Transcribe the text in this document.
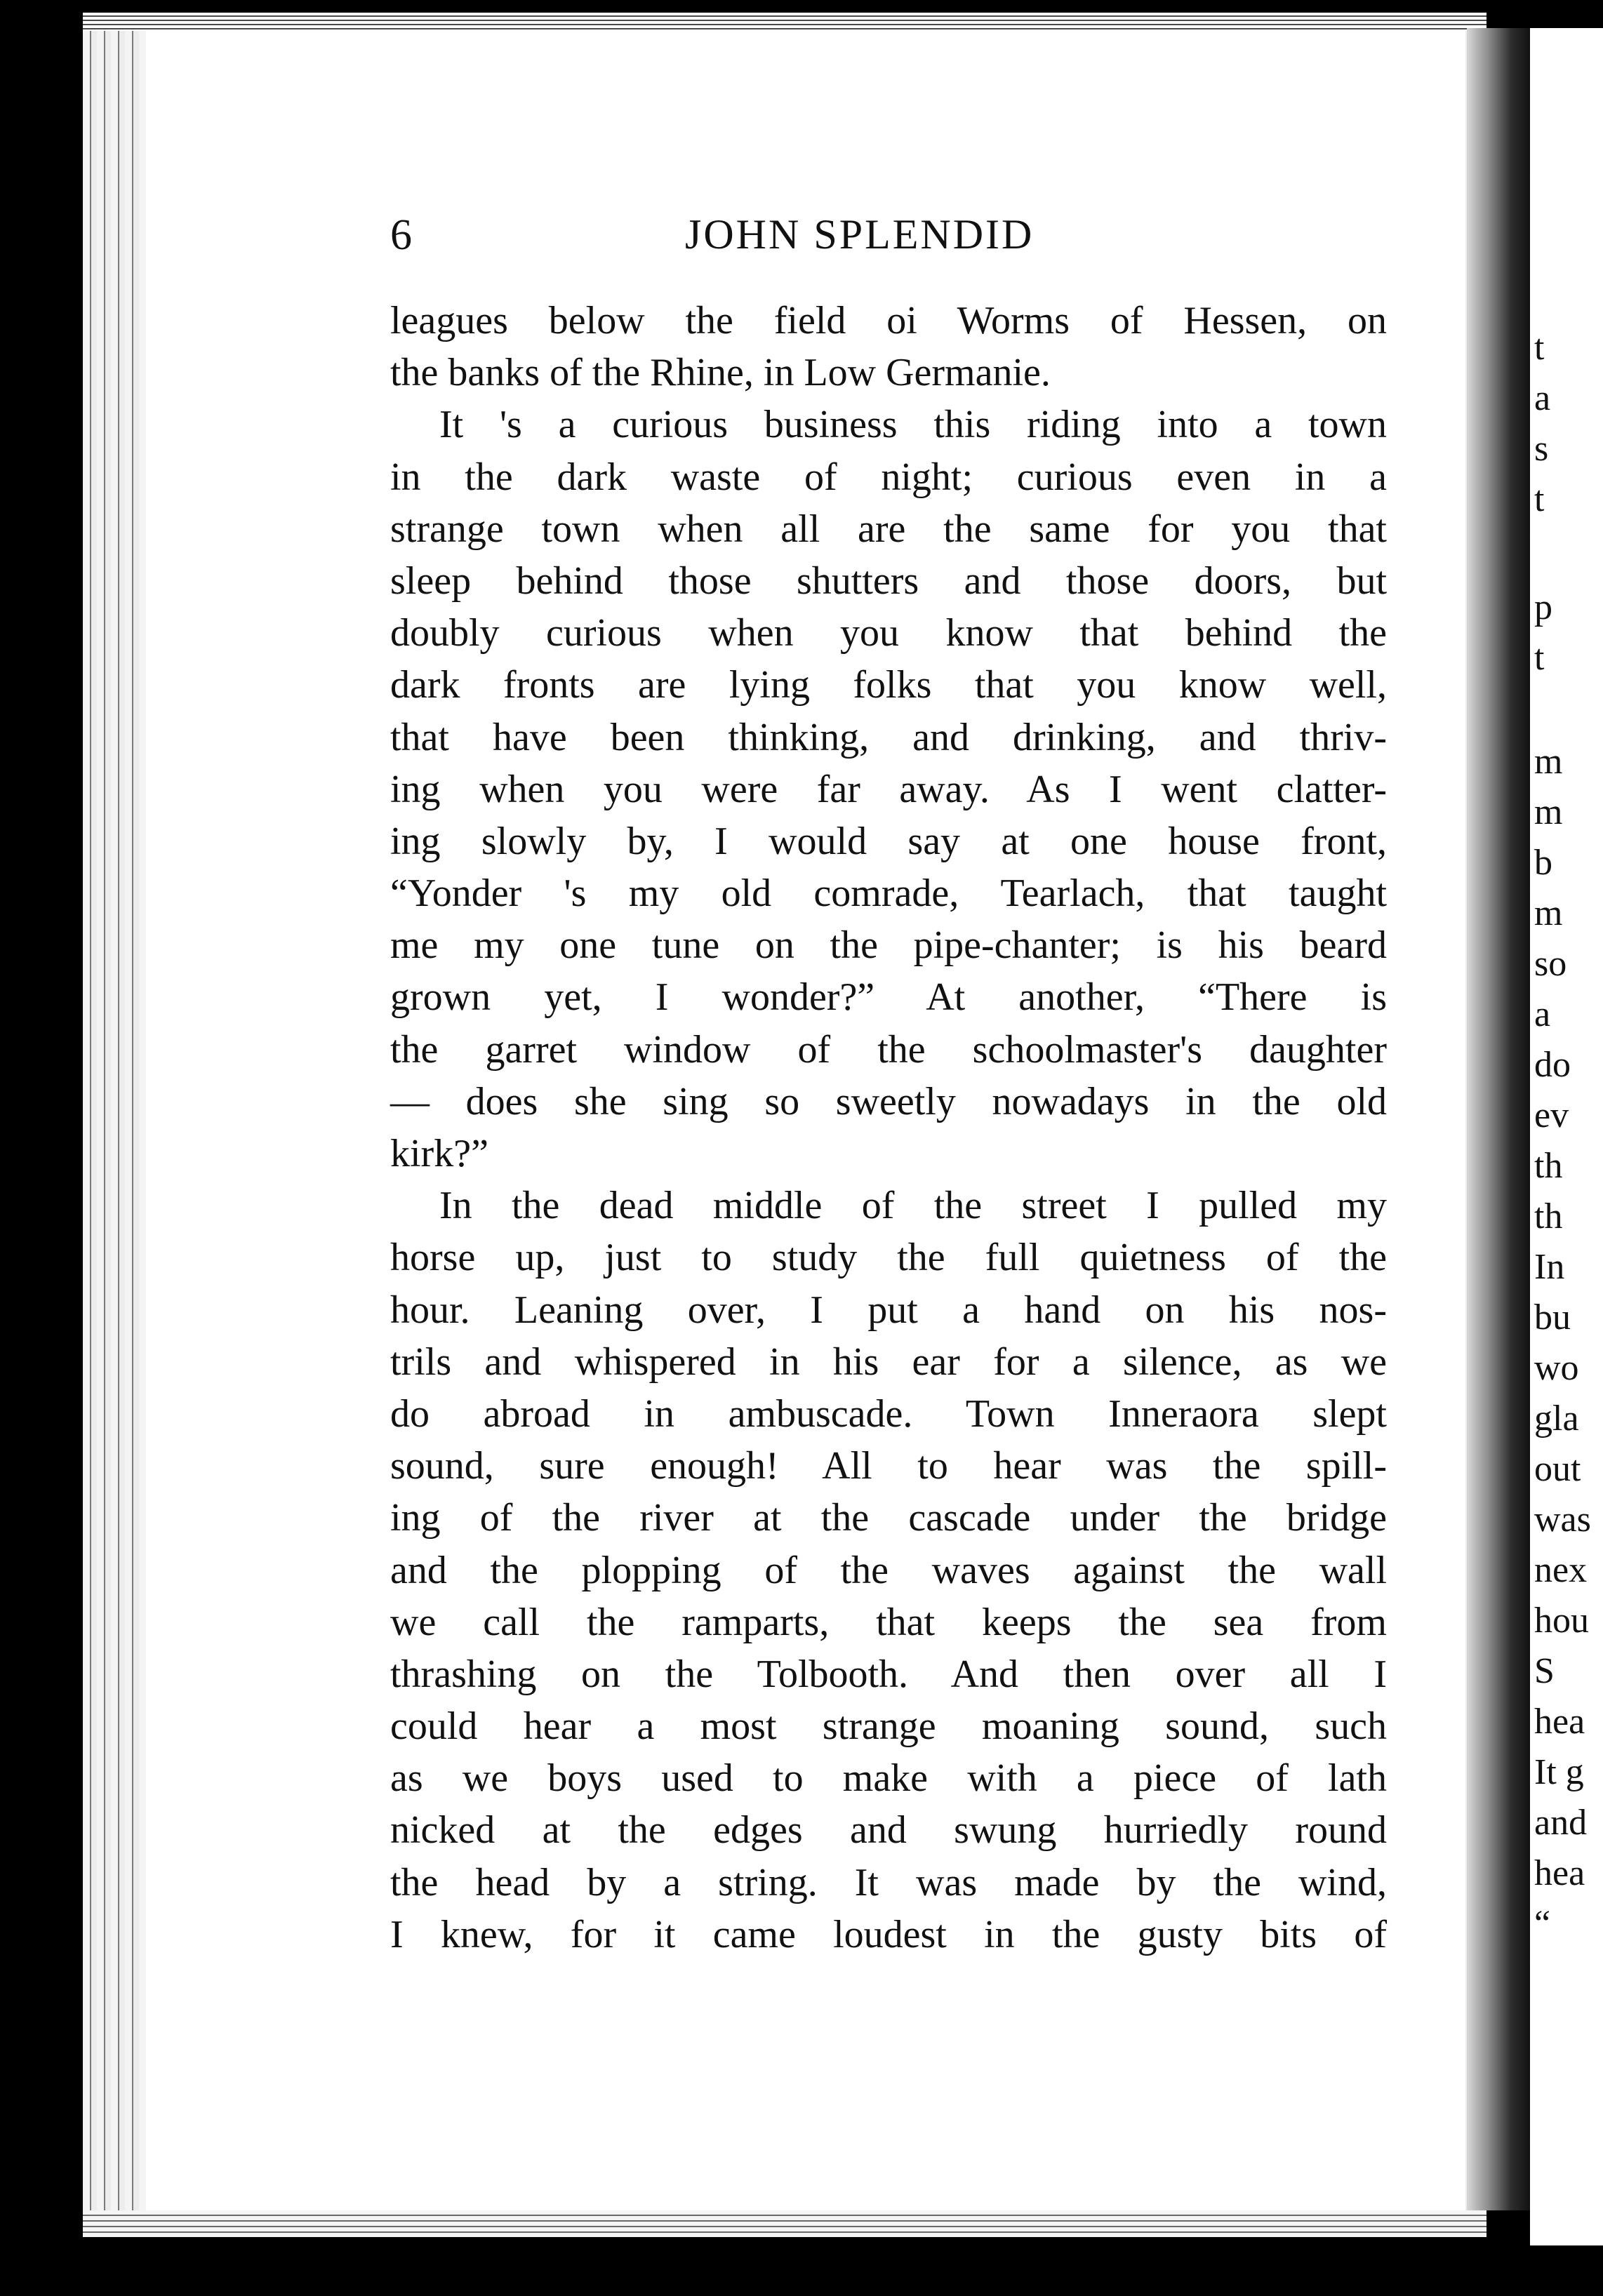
6	JOHN SPLENDID
leagues below the field oi Worms of Hessen, on
the banks of the Rhine, in Low Germanie.
It 's a curious business this riding into a town
in the dark waste of night; curious even in a
strange town when all are the same for you that
sleep behind those shutters and those doors, but
doubly curious when you know that behind the
dark fronts are lying folks that you know well,
that have been thinking, and drinking, and thriv-
ing when you were far away. As I went clatter-
ing slowly by, I would say at one house front,
“Yonder 's my old comrade, Tearlach, that taught
me my one tune on the pipe-chanter; is his beard
grown yet, I wonder?” At another, “There is
the garret window of the schoolmaster's daughter
— does she sing so sweetly nowadays in the old
kirk?”
In the dead middle of the street I pulled my
horse up, just to study the full quietness of the
hour. Leaning over, I put a hand on his nos-
trils and whispered in his ear for a silence, as we
do abroad in ambuscade. Town Inneraora slept
sound, sure enough! All to hear was the spill-
ing of the river at the cascade under the bridge
and the plopping of the waves against the wall
we call the ramparts, that keeps the sea from
thrashing on the Tolbooth. And then over all I
could hear a most strange moaning sound, such
as we boys used to make with a piece of lath
nicked at the edges and swung hurriedly round
the head by a string. It was made by the wind,
I knew, for it came loudest in the gusty bits of
t
a
s
t
p
t
m
m
b
m
so
a
do
ev
th
th
In
bu
wo
gla
out
was
nex
hou
S
hea
It g
and
hea
“
